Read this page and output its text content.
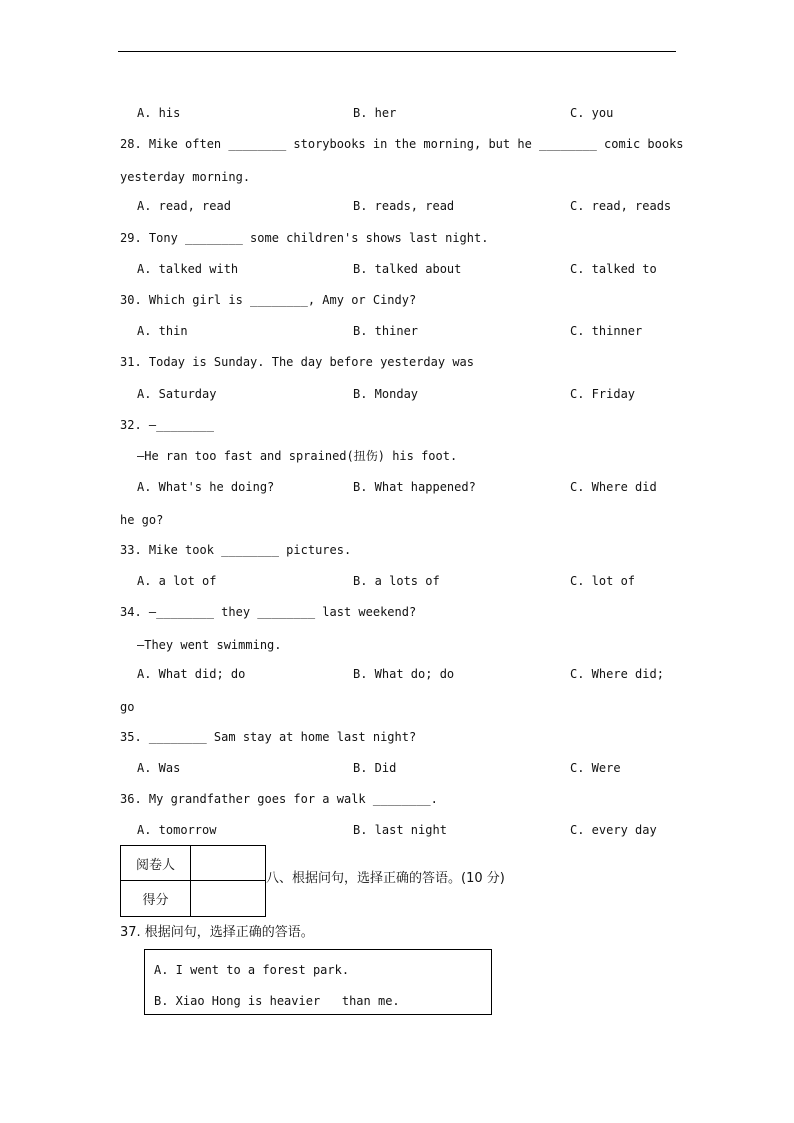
A. his	B. her	C. you
28. Mike often ________ storybooks in the morning, but he ________ comic books
yesterday morning.
A. read, read	B. reads, read	C. read, reads
29. Tony ________ some children's shows last night.
A. talked with	B. talked about	C. talked to
30. Which girl is ________, Amy or Cindy?
A. thin	B. thiner	C. thinner
31. Today is Sunday. The day before yesterday was
A. Saturday	B. Monday	C. Friday
32. —________
—He ran too fast and sprained(扭伤) his foot.
A. What's he doing?	B. What happened?	C. Where did
he go?
33. Mike took ________ pictures.
A. a lot of	B. a lots of	C. lot of
34. —________ they ________ last weekend?
—They went swimming.
A. What did; do	B. What do; do	C. Where did;
go
35. ________ Sam stay at home last night?
A. Was	B. Did	C. Were
36. My grandfather goes for a walk ________.
A. tomorrow	B. last night	C. every day
阅卷人
得分
八、根据问句，选择正确的答语。(10 分)
37. 根据问句，选择正确的答语。
A. I went to a forest park.
B. Xiao Hong is heavier   than me.
